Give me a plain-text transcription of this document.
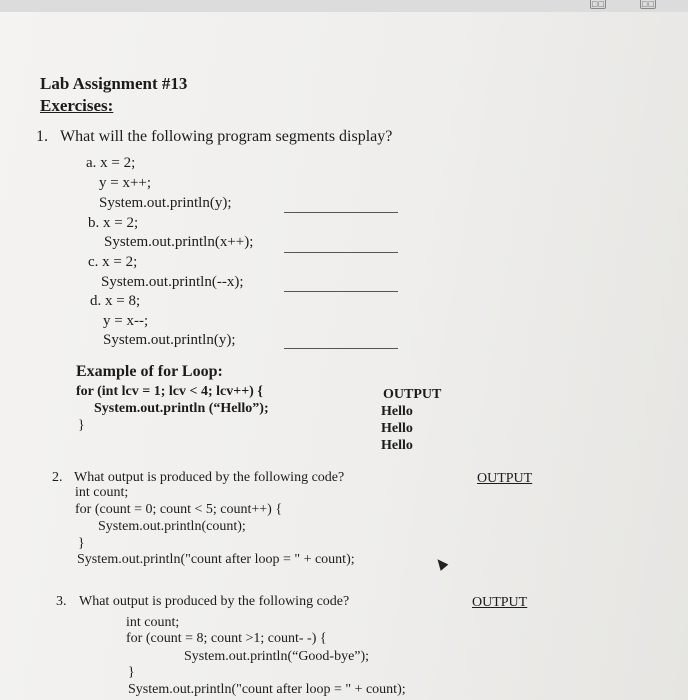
□□	□□
Lab Assignment #13
Exercises:
1. What will the following program segments display?
a. x = 2;
y = x++;
System.out.println(y);
b. x = 2;
System.out.println(x++);
c. x = 2;
System.out.println(--x);
d. x = 8;
y = x--;
System.out.println(y);
Example of for Loop:
for (int lcv = 1; lcv < 4; lcv++) {
System.out.println (“Hello”);
}
OUTPUT
Hello
Hello
Hello
2. What output is produced by the following code?	OUTPUT
int count;
for (count = 0; count < 5; count++) {
System.out.println(count);
}
System.out.println("count after loop = " + count);
3. What output is produced by the following code?	OUTPUT
int count;
for (count = 8; count >1; count- -) {
System.out.println(“Good-bye”);
}
System.out.println("count after loop = " + count);
